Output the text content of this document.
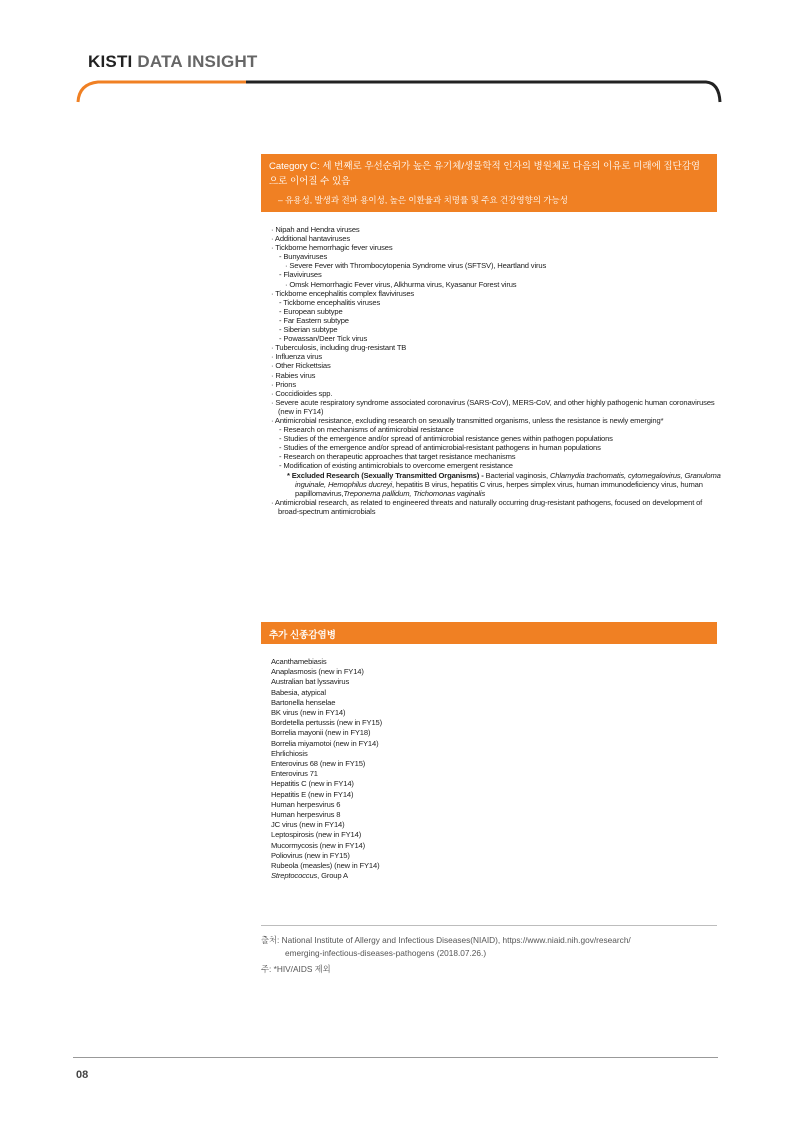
KISTI DATA INSIGHT
Category C: 세 번째로 우선순위가 높은 유기체/생물학적 인자의 병원체로 다음의 이유로 미래에 집단감염으로 이어질 수 있음
– 유용성, 발생과 전파 용이성, 높은 이환율과 치명률 및 주요 건강영향의 가능성
· Nipah and Hendra viruses
· Additional hantaviruses
· Tickborne hemorrhagic fever viruses
- Bunyaviruses
· Severe Fever with Thrombocytopenia Syndrome virus (SFTSV), Heartland virus
- Flaviviruses
· Omsk Hemorrhagic Fever virus, Alkhurma virus, Kyasanur Forest virus
· Tickborne encephalitis complex flaviviruses
- Tickborne encephalitis viruses
- European subtype
- Far Eastern subtype
- Siberian subtype
- Powassan/Deer Tick virus
· Tuberculosis, including drug-resistant TB
· Influenza virus
· Other Rickettsias
· Rabies virus
· Prions
· Coccidioides spp.
· Severe acute respiratory syndrome associated coronavirus (SARS-CoV), MERS-CoV, and other highly pathogenic human coronaviruses (new in FY14)
· Antimicrobial resistance, excluding research on sexually transmitted organisms, unless the resistance is newly emerging*
- Research on mechanisms of antimicrobial resistance
- Studies of the emergence and/or spread of antimicrobial resistance genes within pathogen populations
- Studies of the emergence and/or spread of antimicrobial-resistant pathogens in human populations
- Research on therapeutic approaches that target resistance mechanisms
- Modification of existing antimicrobials to overcome emergent resistance
* Excluded Research (Sexually Transmitted Organisms) - Bacterial vaginosis, Chlamydia trachomatis, cytomegalovirus, Granuloma inguinale, Hemophilus ducreyi, hepatitis B virus, hepatitis C virus, herpes simplex virus, human immunodeficiency virus, human papillomavirus,Treponema pallidum, Trichomonas vaginalis
· Antimicrobial research, as related to engineered threats and naturally occurring drug-resistant pathogens, focused on development of broad-spectrum antimicrobials
추가 신종감염병
Acanthamebiasis
Anaplasmosis (new in FY14)
Australian bat lyssavirus
Babesia, atypical
Bartonella henselae
BK virus (new in FY14)
Bordetella pertussis (new in FY15)
Borrelia mayonii (new in FY18)
Borrelia miyamotoi (new in FY14)
Ehrlichiosis
Enterovirus 68 (new in FY15)
Enterovirus 71
Hepatitis C (new in FY14)
Hepatitis E (new in FY14)
Human herpesvirus 6
Human herpesvirus 8
JC virus (new in FY14)
Leptospirosis (new in FY14)
Mucormycosis (new in FY14)
Poliovirus (new in FY15)
Rubeola (measles) (new in FY14)
Streptococcus, Group A
출처: National Institute of Allergy and Infectious Diseases(NIAID), https://www.niaid.nih.gov/research/
emerging-infectious-diseases-pathogens (2018.07.26.)
주: *HIV/AIDS 제외
08
